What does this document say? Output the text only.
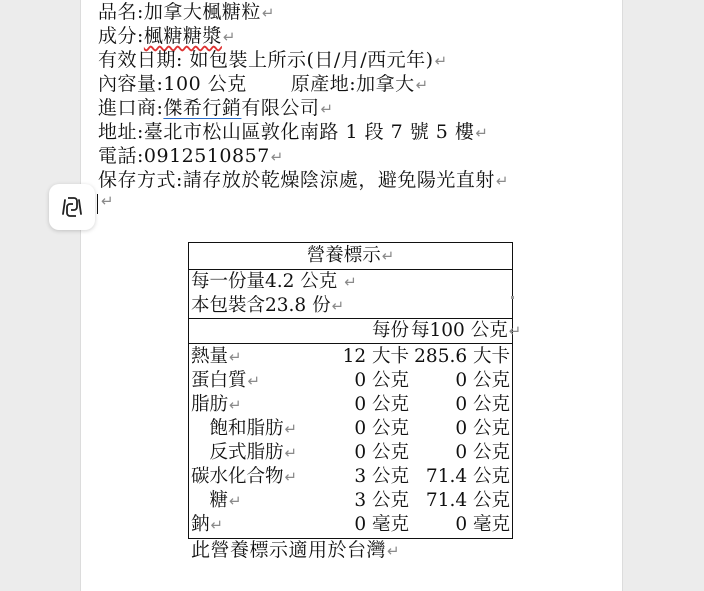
品名:加拿大楓糖粒↵
成分:楓糖糖漿↵
有效日期: 如包裝上所示(日/月/西元年)↵
內容量:100 公克 原產地:加拿大↵
進口商:傑希行銷有限公司↵
地址:臺北市松山區敦化南路 1 段 7 號 5 樓↵
電話:0912510857↵
保存方式:請存放於乾燥陰涼處，避免陽光直射↵
↵
營養標示↵

每一份量4.2 公克 ↵
本包裝含23.8 份↵

每份 每100 公克↵

熱量↵	12 大卡 285.6 大卡
蛋白質↵	0 公克	0 公克
脂肪↵	0 公克	0 公克
　飽和脂肪↵	0 公克	0 公克
　反式脂肪↵	0 公克	0 公克
碳水化合物↵	3 公克 71.4 公克
　糖↵	3 公克 71.4 公克
鈉↵	0 毫克	0 毫克
此營養標示適用於台灣↵
